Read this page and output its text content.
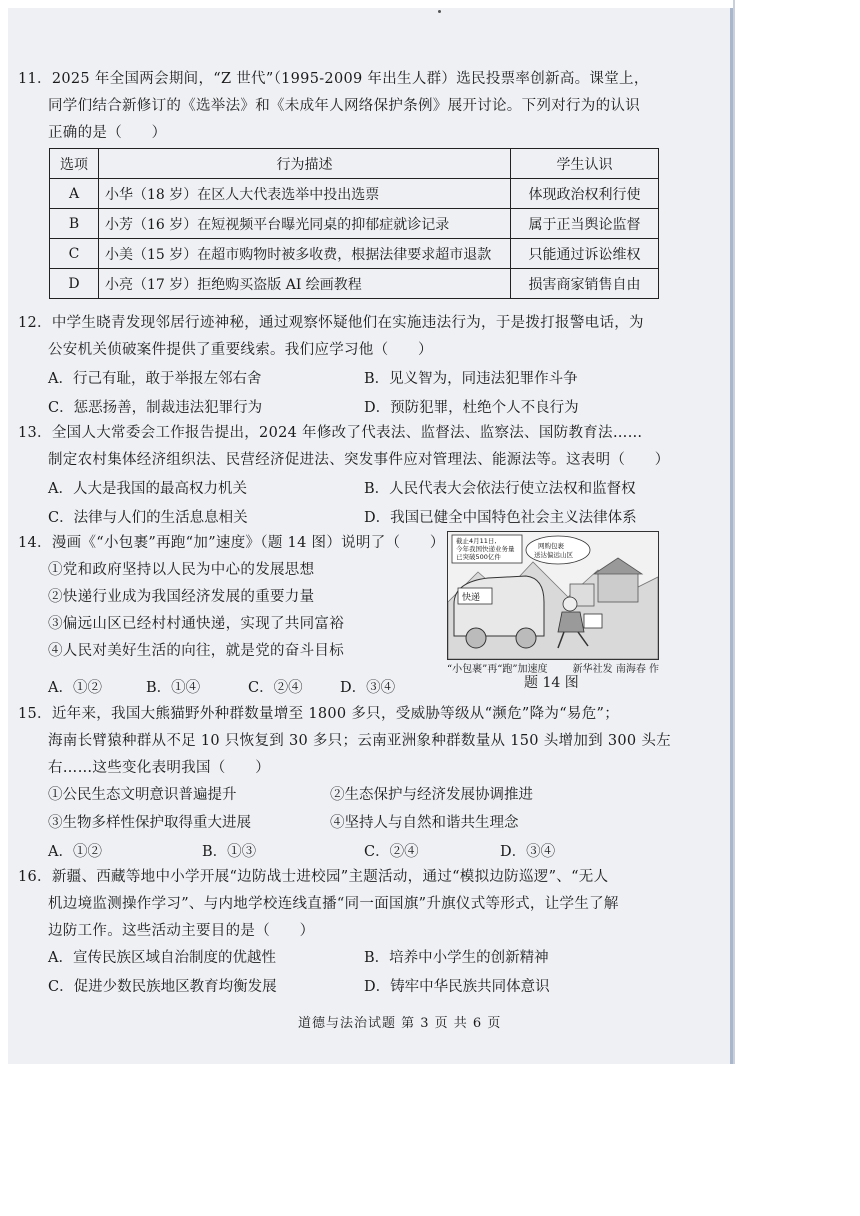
11．2025 年全国两会期间，“Z 世代”（1995-2009 年出生人群）选民投票率创新高。课堂上，

同学们结合新修订的《选举法》和《未成年人网络保护条例》展开讨论。下列对行为的认识

正确的是（　　）

选项	行为描述	学生认识
A	小华（18 岁）在区人大代表选举中投出选票	体现政治权利行使
B	小芳（16 岁）在短视频平台曝光同桌的抑郁症就诊记录	属于正当舆论监督
C	小美（15 岁）在超市购物时被多收费，根据法律要求超市退款	只能通过诉讼维权
D	小亮（17 岁）拒绝购买盗版 AI 绘画教程	损害商家销售自由

12．中学生晓青发现邻居行迹神秘，通过观察怀疑他们在实施违法行为，于是拨打报警电话，为

公安机关侦破案件提供了重要线索。我们应学习他（　　）

A．行己有耻，敢于举报左邻右舍	B．见义智为，同违法犯罪作斗争
C．惩恶扬善，制裁违法犯罪行为	D．预防犯罪，杜绝个人不良行为

13．全国人大常委会工作报告提出，2024 年修改了代表法、监督法、监察法、国防教育法……

制定农村集体经济组织法、民营经济促进法、突发事件应对管理法、能源法等。这表明（　　）

A．人大是我国的最高权力机关	B．人民代表大会依法行使立法权和监督权
C．法律与人们的生活息息相关	D．我国已健全中国特色社会主义法律体系

14．漫画《“小包裹”再跑“加”速度》（题 14 图）说明了（　　）

①党和政府坚持以人民为中心的发展思想

②快递行业成为我国经济发展的重要力量

③偏远山区已经村村通快递，实现了共同富裕

④人民对美好生活的向往，就是党的奋斗目标

A．①②	B．①④	C．②④	D．③④
截止4月11日,
今年我国快递业务量
已突破500亿件
网购包裹
送达偏远山区
快递
“小包裹”再“跑”加速度	新华社发 南海春 作
题 14 图

15．近年来，我国大熊猫野外种群数量增至 1800 多只，受威胁等级从“濒危”降为“易危”；

海南长臂猿种群从不足 10 只恢复到 30 多只；云南亚洲象种群数量从 150 头增加到 300 头左

右……这些变化表明我国（　　）

①公民生态文明意识普遍提升	②生态保护与经济发展协调推进
③生物多样性保护取得重大进展	④坚持人与自然和谐共生理念
A．①②	B．①③	C．②④	D．③④

16．新疆、西藏等地中小学开展“边防战士进校园”主题活动，通过“模拟边防巡逻”、“无人

机边境监测操作学习”、与内地学校连线直播“同一面国旗”升旗仪式等形式，让学生了解

边防工作。这些活动主要目的是（　　）

A．宣传民族区域自治制度的优越性	B．培养中小学生的创新精神
C．促进少数民族地区教育均衡发展	D．铸牢中华民族共同体意识
道德与法治试题 第 3 页 共 6 页
